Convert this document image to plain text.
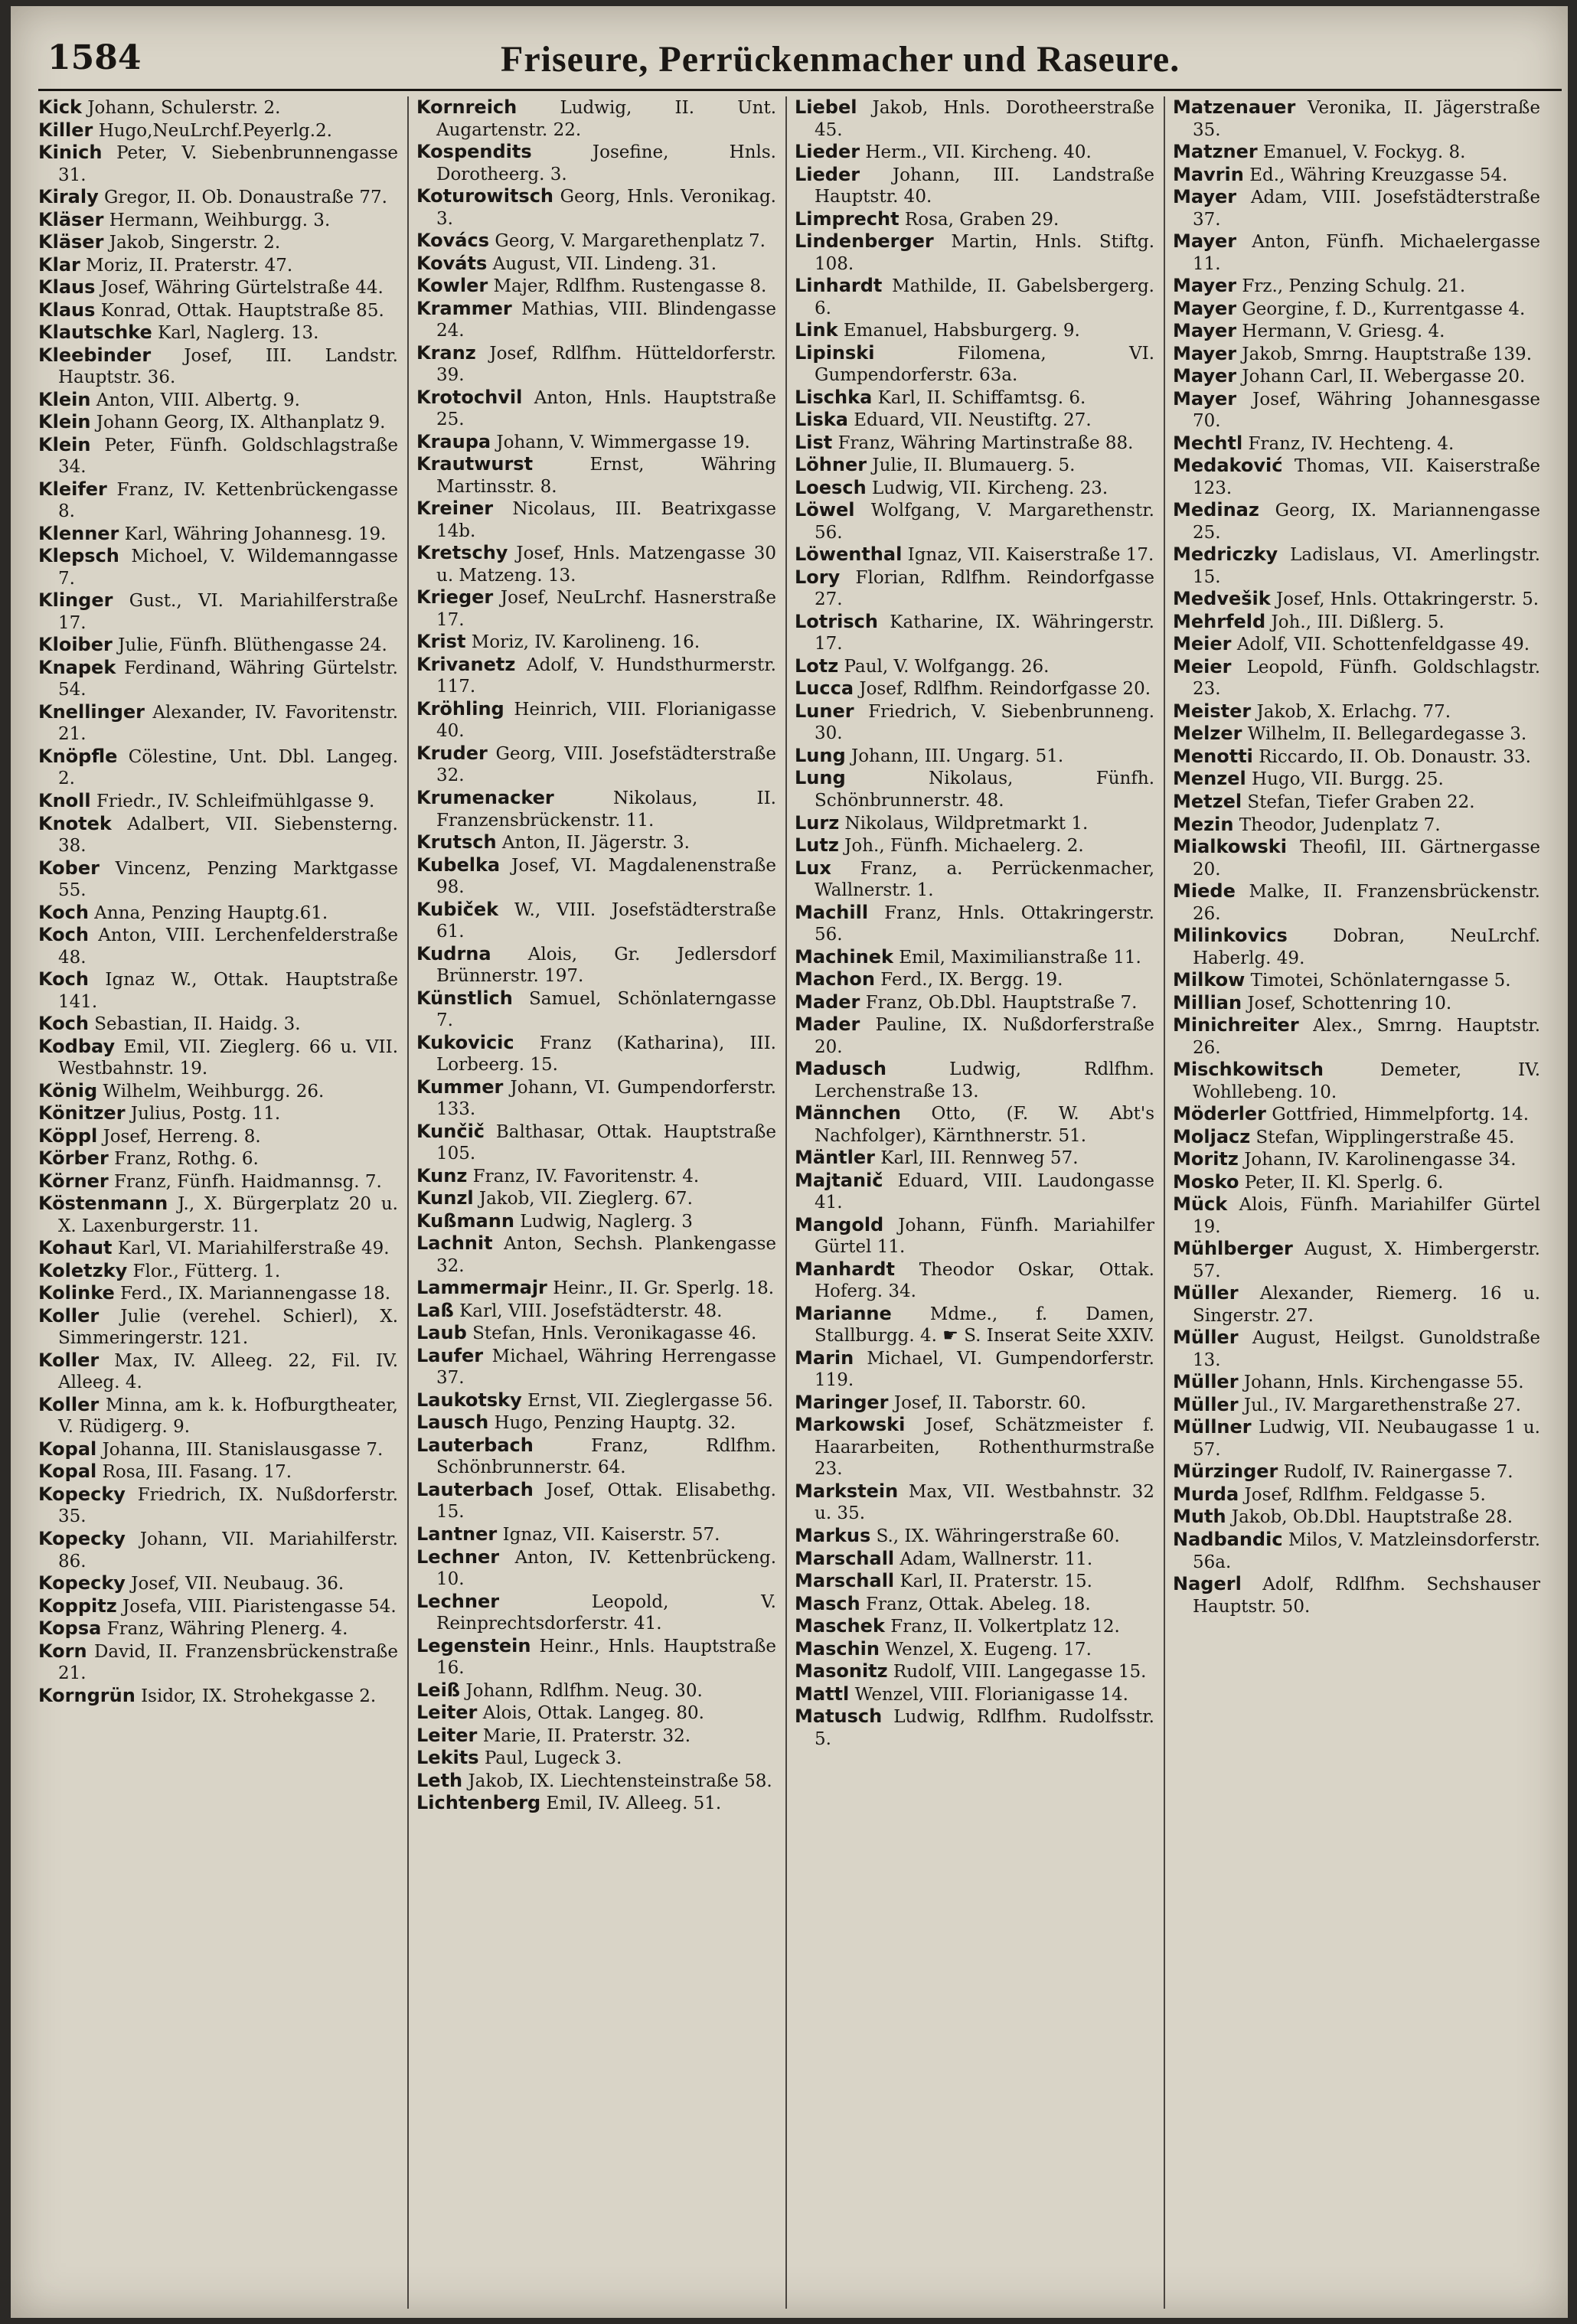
1584	Friseure, Perrückenmacher und Raseure.

Kick Johann, Schulerstr. 2.

Killer Hugo,NeuLrchf.Peyerlg.2.

Kinich Peter, V. Siebenbrunnengasse 31.

Kiraly Gregor, II. Ob. Donaustraße 77.

Kläser Hermann, Weihburgg. 3.

Kläser Jakob, Singerstr. 2.

Klar Moriz, II. Praterstr. 47.

Klaus Josef, Währing Gürtelstraße 44.

Klaus Konrad, Ottak. Hauptstraße 85.

Klautschke Karl, Naglerg. 13.

Kleebinder Josef, III. Landstr. Hauptstr. 36.

Klein Anton, VIII. Albertg. 9.

Klein Johann Georg, IX. Althanplatz 9.

Klein Peter, Fünfh. Goldschlagstraße 34.

Kleifer Franz, IV. Kettenbrückengasse 8.

Klenner Karl, Währing Johannesg. 19.

Klepsch Michoel, V. Wildemanngasse 7.

Klinger Gust., VI. Mariahilferstraße 17.

Kloiber Julie, Fünfh. Blüthengasse 24.

Knapek Ferdinand, Währing Gürtelstr. 54.

Knellinger Alexander, IV. Favoritenstr. 21.

Knöpfle Cölestine, Unt. Dbl. Langeg. 2.

Knoll Friedr., IV. Schleifmühlgasse 9.

Knotek Adalbert, VII. Siebensterng. 38.

Kober Vincenz, Penzing Marktgasse 55.

Koch Anna, Penzing Hauptg.61.

Koch Anton, VIII. Lerchenfelderstraße 48.

Koch Ignaz W., Ottak. Hauptstraße 141.

Koch Sebastian, II. Haidg. 3.

Kodbay Emil, VII. Zieglerg. 66 u. VII. Westbahnstr. 19.

König Wilhelm, Weihburgg. 26.

Könitzer Julius, Postg. 11.

Köppl Josef, Herreng. 8.

Körber Franz, Rothg. 6.

Körner Franz, Fünfh. Haidmannsg. 7.

Köstenmann J., X. Bürgerplatz 20 u. X. Laxenburgerstr. 11.

Kohaut Karl, VI. Mariahilferstraße 49.

Koletzky Flor., Fütterg. 1.

Kolinke Ferd., IX. Mariannengasse 18.

Koller Julie (verehel. Schierl), X. Simmeringerstr. 121.

Koller Max, IV. Alleeg. 22, Fil. IV. Alleeg. 4.

Koller Minna, am k. k. Hofburgtheater, V. Rüdigerg. 9.

Kopal Johanna, III. Stanislausgasse 7.

Kopal Rosa, III. Fasang. 17.

Kopecky Friedrich, IX. Nußdorferstr. 35.

Kopecky Johann, VII. Mariahilferstr. 86.

Kopecky Josef, VII. Neubaug. 36.

Koppitz Josefa, VIII. Piaristengasse 54.

Kopsa Franz, Währing Plenerg. 4.

Korn David, II. Franzensbrückenstraße 21.

Korngrün Isidor, IX. Strohekgasse 2.

Kornreich Ludwig, II. Unt. Augartenstr. 22.

Kospendits	Josefine, Hnls. Dorotheerg. 3.

Koturowitsch Georg, Hnls. Veronikag. 3.

Kovács Georg, V. Margarethenplatz 7.

Kováts August, VII. Lindeng. 31.

Kowler Majer, Rdlfhm. Rustengasse 8.

Krammer Mathias, VIII. Blindengasse 24.

Kranz Josef, Rdlfhm. Hütteldorferstr. 39.

Krotochvil Anton, Hnls. Hauptstraße 25.

Kraupa Johann, V. Wimmergasse 19.

Krautwurst	Ernst, Währing Martinsstr. 8.

Kreiner Nicolaus, III. Beatrixgasse 14b.

Kretschy Josef, Hnls. Matzengasse 30 u. Matzeng. 13.

Krieger Josef, NeuLrchf. Hasnerstraße 17.

Krist Moriz, IV. Karolineng. 16.

Krivanetz Adolf, V. Hundsthurmerstr. 117.

Kröhling Heinrich, VIII. Florianigasse 40.

Kruder Georg, VIII. Josefstädterstraße 32.

Krumenacker	Nikolaus, II. Franzensbrückenstr. 11.

Krutsch Anton, II. Jägerstr. 3.

Kubelka Josef, VI. Magdalenenstraße 98.

Kubiček W., VIII. Josefstädterstraße 61.

Kudrna Alois, Gr. Jedlersdorf Brünnerstr. 197.

Künstlich Samuel, Schönlaterngasse 7.

Kukovicic Franz (Katharina), III. Lorbeerg. 15.

Kummer Johann, VI. Gumpendorferstr. 133.

Kunčič Balthasar, Ottak. Hauptstraße 105.

Kunz Franz, IV. Favoritenstr. 4.

Kunzl Jakob, VII. Zieglerg. 67.

Kußmann Ludwig, Naglerg. 3

Lachnit Anton, Sechsh. Plankengasse 32.

Lammermajr Heinr., II. Gr. Sperlg. 18.

Laß Karl, VIII. Josefstädterstr. 48.

Laub Stefan, Hnls. Veronikagasse 46.

Laufer Michael, Währing Herrengasse 37.

Laukotsky Ernst, VII. Zieglergasse 56.

Lausch Hugo, Penzing Hauptg. 32.

Lauterbach	Franz, Rdlfhm. Schönbrunnerstr. 64.

Lauterbach Josef, Ottak. Elisabethg. 15.

Lantner Ignaz, VII. Kaiserstr. 57.

Lechner Anton, IV. Kettenbrückeng. 10.

Lechner	Leopold, V. Reinprechtsdorferstr. 41.

Legenstein Heinr., Hnls. Hauptstraße 16.

Leiß Johann, Rdlfhm. Neug. 30.

Leiter Alois, Ottak. Langeg. 80.

Leiter Marie, II. Praterstr. 32.

Lekits Paul, Lugeck 3.

Leth Jakob, IX. Liechtensteinstraße 58.

Lichtenberg Emil, IV. Alleeg. 51.

Liebel Jakob, Hnls. Dorotheerstraße 45.

Lieder Herm., VII. Kircheng. 40.

Lieder Johann, III. Landstraße Hauptstr. 40.

Limprecht Rosa, Graben 29.

Lindenberger Martin, Hnls. Stiftg. 108.

Linhardt Mathilde, II. Gabelsbergerg. 6.

Link Emanuel, Habsburgerg. 9.

Lipinski	Filomena, VI. Gumpendorferstr. 63a.

Lischka Karl, II. Schiffamtsg. 6.

Liska Eduard, VII. Neustiftg. 27.

List Franz, Währing Martinstraße 88.

Löhner Julie, II. Blumauerg. 5.

Loesch Ludwig, VII. Kircheng. 23.

Löwel Wolfgang, V. Margarethenstr. 56.

Löwenthal Ignaz, VII. Kaiserstraße 17.

Lory Florian, Rdlfhm. Reindorfgasse 27.

Lotrisch Katharine, IX. Währingerstr. 17.

Lotz Paul, V. Wolfgangg. 26.

Lucca Josef, Rdlfhm. Reindorfgasse 20.

Luner Friedrich, V. Siebenbrunneng. 30.

Lung Johann, III. Ungarg. 51.

Lung	Nikolaus, Fünfh. Schönbrunnerstr. 48.

Lurz Nikolaus, Wildpretmarkt 1.

Lutz Joh., Fünfh. Michaelerg. 2.

Lux Franz, a. Perrückenmacher, Wallnerstr. 1.

Machill Franz, Hnls. Ottakringerstr. 56.

Machinek Emil, Maximilianstraße 11.

Machon Ferd., IX. Bergg. 19.

Mader Franz, Ob.Dbl. Hauptstraße 7.

Mader Pauline, IX. Nußdorferstraße 20.

Madusch	Ludwig, Rdlfhm. Lerchenstraße 13.

Männchen Otto, (F. W. Abt's Nachfolger), Kärnthnerstr. 51.

Mäntler Karl, III. Rennweg 57.

Majtanič Eduard, VIII. Laudongasse 41.

Mangold Johann, Fünfh. Mariahilfer Gürtel 11.

Manhardt Theodor Oskar, Ottak. Hoferg. 34.

Marianne Mdme., f. Damen, Stallburgg. 4. ☛ S. Inserat Seite XXIV.

Marin Michael, VI. Gumpendorferstr. 119.

Maringer Josef, II. Taborstr. 60.

Markowski Josef, Schätzmeister f. Haararbeiten, Rothenthurmstraße 23.

Markstein Max, VII. Westbahnstr. 32 u. 35.

Markus S., IX. Währingerstraße 60.

Marschall Adam, Wallnerstr. 11.

Marschall Karl, II. Praterstr. 15.

Masch Franz, Ottak. Abeleg. 18.

Maschek Franz, II. Volkertplatz 12.

Maschin Wenzel, X. Eugeng. 17.

Masonitz Rudolf, VIII. Langegasse 15.

Mattl Wenzel, VIII. Florianigasse 14.

Matusch Ludwig, Rdlfhm. Rudolfsstr. 5.

Matzenauer Veronika, II. Jägerstraße 35.

Matzner Emanuel, V. Fockyg. 8.

Mavrin Ed., Währing Kreuzgasse 54.

Mayer Adam, VIII. Josefstädterstraße 37.

Mayer Anton, Fünfh. Michaelergasse 11.

Mayer Frz., Penzing Schulg. 21.

Mayer Georgine, f. D., Kurrentgasse 4.

Mayer Hermann, V. Griesg. 4.

Mayer Jakob, Smrng. Hauptstraße 139.

Mayer Johann Carl, II. Webergasse 20.

Mayer Josef, Währing Johannesgasse 70.

Mechtl Franz, IV. Hechteng. 4.

Medaković Thomas, VII. Kaiserstraße 123.

Medinaz Georg, IX. Mariannengasse 25.

Medriczky Ladislaus, VI. Amerlingstr. 15.

Medvešik Josef, Hnls. Ottakringerstr. 5.

Mehrfeld Joh., III. Dißlerg. 5.

Meier Adolf, VII. Schottenfeldgasse 49.

Meier Leopold, Fünfh. Goldschlagstr. 23.

Meister Jakob, X. Erlachg. 77.

Melzer Wilhelm, II. Bellegardegasse 3.

Menotti Riccardo, II. Ob. Donaustr. 33.

Menzel Hugo, VII. Burgg. 25.

Metzel Stefan, Tiefer Graben 22.

Mezin Theodor, Judenplatz 7.

Mialkowski Theofil, III. Gärtnergasse 20.

Miede Malke, II. Franzensbrückenstr. 26.

Milinkovics	Dobran, NeuLrchf. Haberlg. 49.

Milkow Timotei, Schönlaterngasse 5.

Millian Josef, Schottenring 10.

Minichreiter Alex., Smrng. Hauptstr. 26.

Mischkowitsch	Demeter, IV. Wohllebeng. 10.

Möderler Gottfried, Himmelpfortg. 14.

Moljacz Stefan, Wipplingerstraße 45.

Moritz Johann, IV. Karolinengasse 34.

Mosko Peter, II. Kl. Sperlg. 6.

Mück Alois, Fünfh. Mariahilfer Gürtel 19.

Mühlberger August, X. Himbergerstr. 57.

Müller Alexander, Riemerg. 16 u. Singerstr. 27.

Müller August, Heilgst. Gunoldstraße 13.

Müller Johann, Hnls. Kirchengasse 55.

Müller Jul., IV. Margarethenstraße 27.

Müllner Ludwig, VII. Neubaugasse 1 u. 57.

Mürzinger Rudolf, IV. Rainergasse 7.

Murda Josef, Rdlfhm. Feldgasse 5.

Muth Jakob, Ob.Dbl. Hauptstraße 28.

Nadbandic Milos, V. Matzleinsdorferstr. 56a.

Nagerl Adolf, Rdlfhm. Sechshauser Hauptstr. 50.
